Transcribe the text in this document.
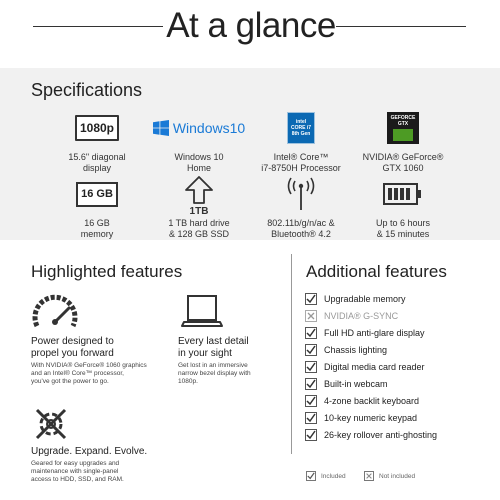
At a glance
Specifications
1080p
15.6" diagonal
display
Windows10
Windows 10
Home
intel
CORE i7
8th Gen
Intel® Core™
i7-8750H Processor
GEFORCE
GTX
NVIDIA® GeForce®
GTX 1060
16 GB
16 GB
memory
1TB
1 TB hard drive
& 128 GB SSD
802.11b/g/n/ac &
Bluetooth® 4.2
Up to 6 hours
& 15 minutes
Highlighted features	Additional features
Power designed to
propel you forward
With NVIDIA® GeForce® 1060 graphics
and an Intel® Core™ processor,
you've got the power to go.
Every last detail
in your sight
Get lost in an immersive
narrow bezel display with
1080p.
Upgrade. Expand. Evolve.
Geared for easy upgrades and
maintenance with single-panel
access to HDD, SSD, and RAM.
Upgradable memory
NVIDIA® G-SYNC
Full HD anti-glare display
Chassis lighting
Digital media card reader
Built-in webcam
4-zone backlit keyboard
10-key numeric keypad
26-key rollover anti-ghosting
Included	Not included
